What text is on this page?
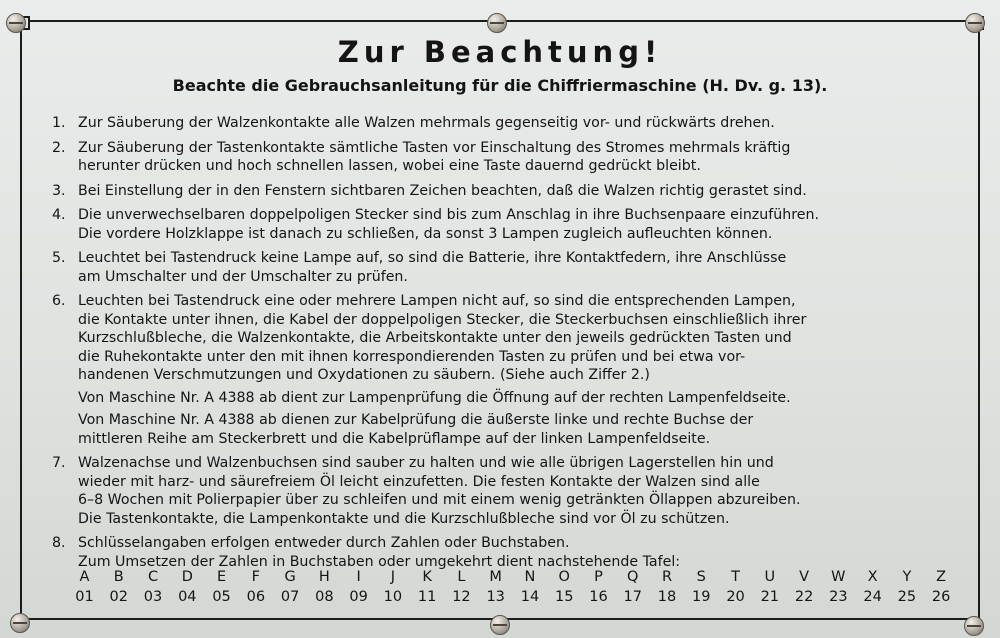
Zur Beachtung!
Beachte die Gebrauchsanleitung für die Chiffriermaschine (H. Dv. g. 13).
1. Zur Säuberung der Walzenkontakte alle Walzen mehrmals gegenseitig vor- und rückwärts drehen.
2. Zur Säuberung der Tastenkontakte sämtliche Tasten vor Einschaltung des Stromes mehrmals kräftig
herunter drücken und hoch schnellen lassen, wobei eine Taste dauernd gedrückt bleibt.
3. Bei Einstellung der in den Fenstern sichtbaren Zeichen beachten, daß die Walzen richtig gerastet sind.
4. Die unverwechselbaren doppelpoligen Stecker sind bis zum Anschlag in ihre Buchsenpaare einzuführen.
Die vordere Holzklappe ist danach zu schließen, da sonst 3 Lampen zugleich aufleuchten können.
5. Leuchtet bei Tastendruck keine Lampe auf, so sind die Batterie, ihre Kontaktfedern, ihre Anschlüsse
am Umschalter und der Umschalter zu prüfen.
6. Leuchten bei Tastendruck eine oder mehrere Lampen nicht auf, so sind die entsprechenden Lampen,
die Kontakte unter ihnen, die Kabel der doppelpoligen Stecker, die Steckerbuchsen einschließlich ihrer
Kurzschlußbleche, die Walzenkontakte, die Arbeitskontakte unter den jeweils gedrückten Tasten und
die Ruhekontakte unter den mit ihnen korrespondierenden Tasten zu prüfen und bei etwa vor-
handenen Verschmutzungen und Oxydationen zu säubern. (Siehe auch Ziffer 2.)
Von Maschine Nr. A 4388 ab dient zur Lampenprüfung die Öffnung auf der rechten Lampenfeldseite.
Von Maschine Nr. A 4388 ab dienen zur Kabelprüfung die äußerste linke und rechte Buchse der
mittleren Reihe am Steckerbrett und die Kabelprüflampe auf der linken Lampenfeldseite.
7. Walzenachse und Walzenbuchsen sind sauber zu halten und wie alle übrigen Lagerstellen hin und
wieder mit harz- und säurefreiem Öl leicht einzufetten. Die festen Kontakte der Walzen sind alle
6–8 Wochen mit Polierpapier über zu schleifen und mit einem wenig getränkten Öllappen abzureiben.
Die Tastenkontakte, die Lampenkontakte und die Kurzschlußbleche sind vor Öl zu schützen.
8. Schlüsselangaben erfolgen entweder durch Zahlen oder Buchstaben.
Zum Umsetzen der Zahlen in Buchstaben oder umgekehrt dient nachstehende Tafel:
A
01
B
02
C
03
D
04
E
05
F
06
G
07
H
08
I
09
J
10
K
11
L
12
M
13
N
14
O
15
P
16
Q
17
R
18
S
19
T
20
U
21
V
22
W
23
X
24
Y
25
Z
26
